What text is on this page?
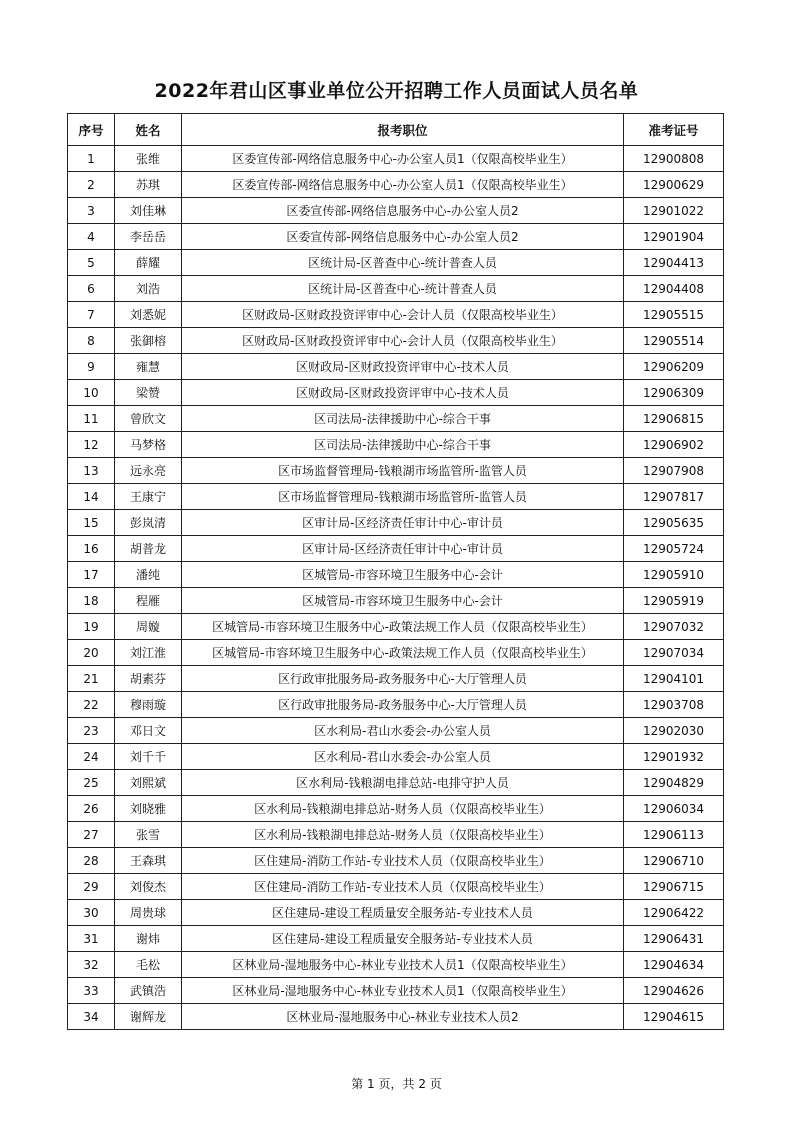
2022年君山区事业单位公开招聘工作人员面试人员名单
序号	姓名	报考职位	准考证号
1	张维	区委宣传部-网络信息服务中心-办公室人员1（仅限高校毕业生）	12900808
2	苏琪	区委宣传部-网络信息服务中心-办公室人员1（仅限高校毕业生）	12900629
3	刘佳琳	区委宣传部-网络信息服务中心-办公室人员2	12901022
4	李岳岳	区委宣传部-网络信息服务中心-办公室人员2	12901904
5	薛耀	区统计局-区普查中心-统计普查人员	12904413
6	刘浩	区统计局-区普查中心-统计普查人员	12904408
7	刘悉妮	区财政局-区财政投资评审中心-会计人员（仅限高校毕业生）	12905515
8	张御榕	区财政局-区财政投资评审中心-会计人员（仅限高校毕业生）	12905514
9	雍慧	区财政局-区财政投资评审中心-技术人员	12906209
10	梁赞	区财政局-区财政投资评审中心-技术人员	12906309
11	曾欣文	区司法局-法律援助中心-综合干事	12906815
12	马梦格	区司法局-法律援助中心-综合干事	12906902
13	远永亮	区市场监督管理局-钱粮湖市场监管所-监管人员	12907908
14	王康宁	区市场监督管理局-钱粮湖市场监管所-监管人员	12907817
15	彭岚清	区审计局-区经济责任审计中心-审计员	12905635
16	胡普龙	区审计局-区经济责任审计中心-审计员	12905724
17	潘纯	区城管局-市容环境卫生服务中心-会计	12905910
18	程雁	区城管局-市容环境卫生服务中心-会计	12905919
19	周嫙	区城管局-市容环境卫生服务中心-政策法规工作人员（仅限高校毕业生）	12907032
20	刘江淮	区城管局-市容环境卫生服务中心-政策法规工作人员（仅限高校毕业生）	12907034
21	胡素芬	区行政审批服务局-政务服务中心-大厅管理人员	12904101
22	穆雨璇	区行政审批服务局-政务服务中心-大厅管理人员	12903708
23	邓日文	区水利局-君山水委会-办公室人员	12902030
24	刘千千	区水利局-君山水委会-办公室人员	12901932
25	刘熙斌	区水利局-钱粮湖电排总站-电排守护人员	12904829
26	刘晓雅	区水利局-钱粮湖电排总站-财务人员（仅限高校毕业生）	12906034
27	张雪	区水利局-钱粮湖电排总站-财务人员（仅限高校毕业生）	12906113
28	王森琪	区住建局-消防工作站-专业技术人员（仅限高校毕业生）	12906710
29	刘俊杰	区住建局-消防工作站-专业技术人员（仅限高校毕业生）	12906715
30	周贵球	区住建局-建设工程质量安全服务站-专业技术人员	12906422
31	谢炜	区住建局-建设工程质量安全服务站-专业技术人员	12906431
32	毛松	区林业局-湿地服务中心-林业专业技术人员1（仅限高校毕业生）	12904634
33	武镇浩	区林业局-湿地服务中心-林业专业技术人员1（仅限高校毕业生）	12904626
34	谢辉龙	区林业局-湿地服务中心-林业专业技术人员2	12904615
第 1 页，共 2 页
